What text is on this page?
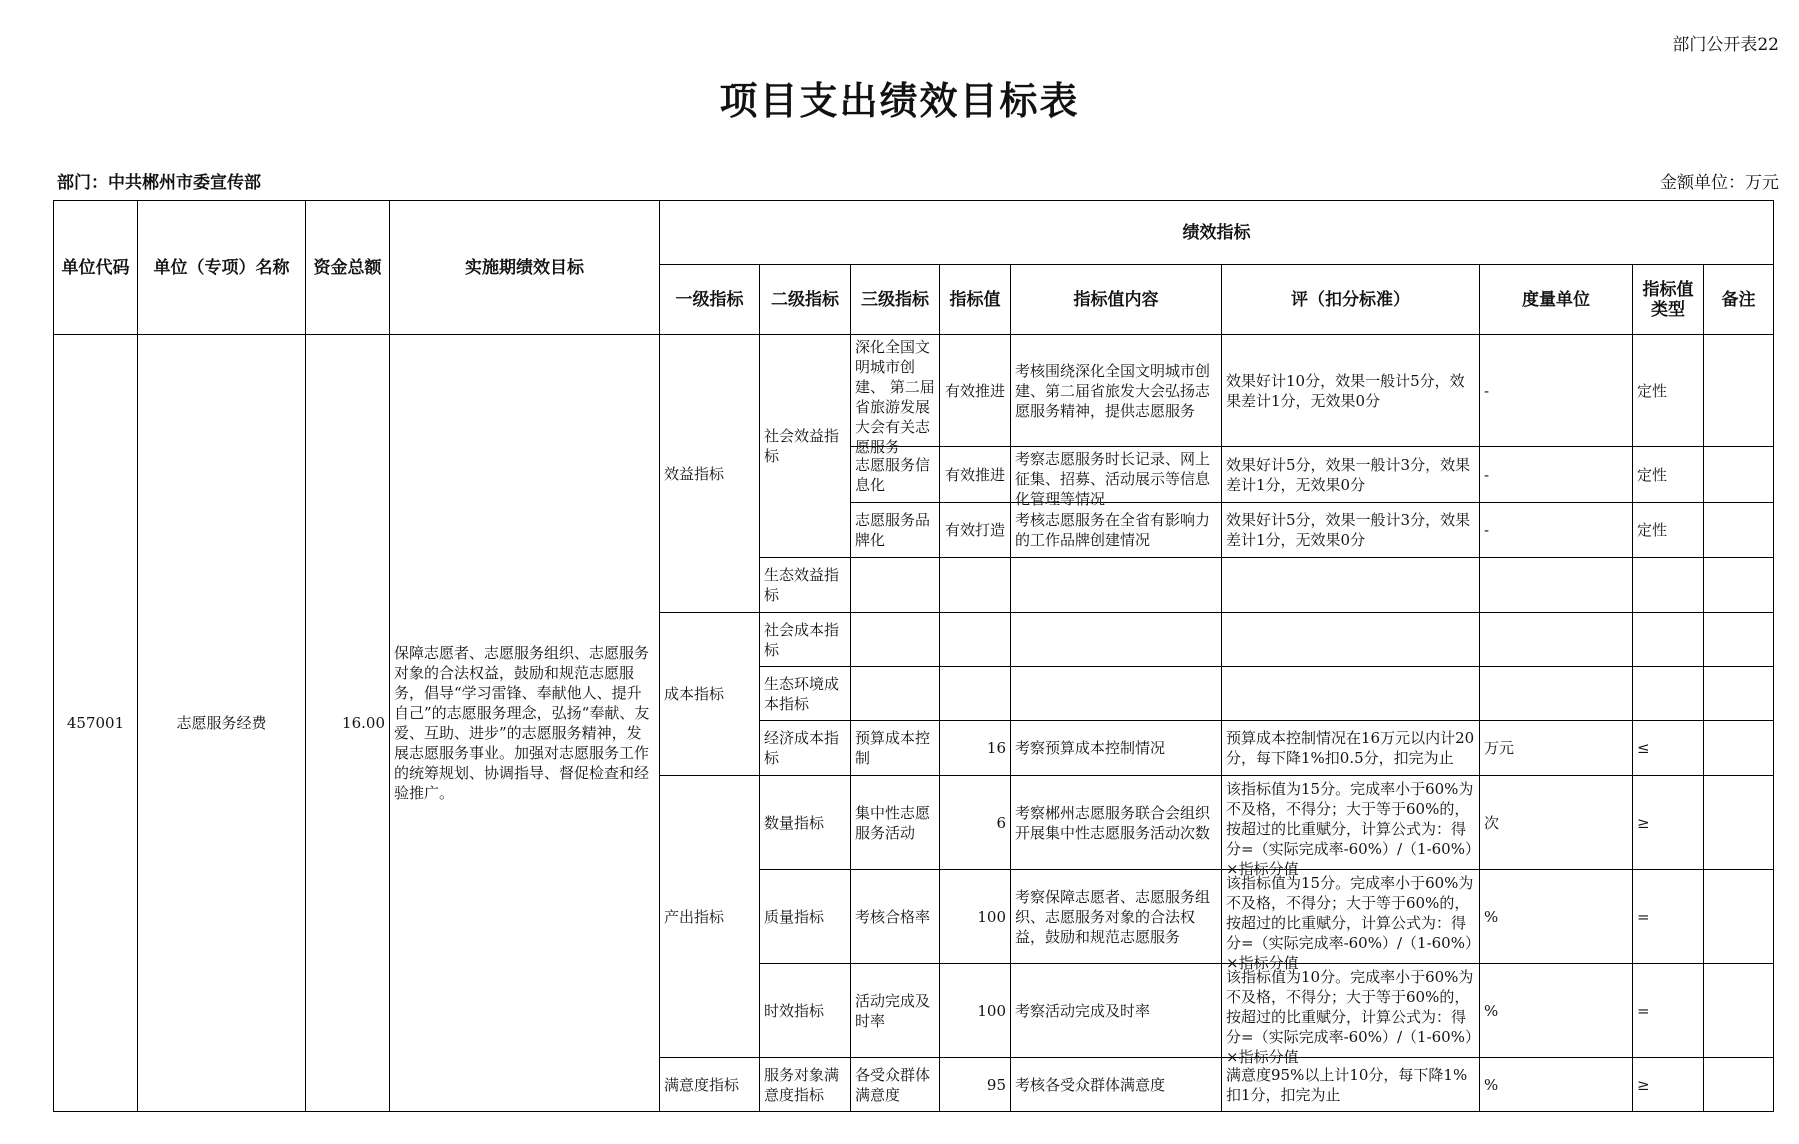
部门公开表22
项目支出绩效目标表
部门：中共郴州市委宣传部	金额单位：万元
单位代码	单位（专项）名称	资金总额	实施期绩效目标	绩效指标								
				一级指标	二级指标	三级指标	指标值	指标值内容	评（扣分标准）	度量单位	指标值类型	备注
457001	志愿服务经费	16.00	保障志愿者、志愿服务组织、志愿服务对象的合法权益，鼓励和规范志愿服务，倡导“学习雷锋、奉献他人、提升自己”的志愿服务理念，弘扬“奉献、友爱、互助、进步”的志愿服务精神，发展志愿服务事业。加强对志愿服务工作的统筹规划、协调指导、督促检查和经验推广。	效益指标	社会效益指标	深化全国文明城市创建、 第二届省旅游发展大会有关志愿服务	有效推进	考核围绕深化全国文明城市创建、第二届省旅发大会弘扬志愿服务精神，提供志愿服务	效果好计10分，效果一般计5分，效果差计1分，无效果0分	-	定性	
						志愿服务信息化	有效推进	考察志愿服务时长记录、网上征集、招募、活动展示等信息化管理等情况	效果好计5分，效果一般计3分，效果差计1分，无效果0分	-	定性	
						志愿服务品牌化	有效打造	考核志愿服务在全省有影响力的工作品牌创建情况	效果好计5分，效果一般计3分，效果差计1分，无效果0分	-	定性	
					生态效益指标							
				成本指标	社会成本指标							
					生态环境成本指标							
					经济成本指标	预算成本控制	16	考察预算成本控制情况	预算成本控制情况在16万元以内计20分，每下降1%扣0.5分，扣完为止	万元	≤	
				产出指标	数量指标	集中性志愿服务活动	6	考察郴州志愿服务联合会组织开展集中性志愿服务活动次数	该指标值为15分。完成率小于60%为不及格，不得分；大于等于60%的，按超过的比重赋分，计算公式为：得分=（实际完成率-60%）/（1-60%）×指标分值	次	≥	
					质量指标	考核合格率	100	考察保障志愿者、志愿服务组织、志愿服务对象的合法权益，鼓励和规范志愿服务	该指标值为15分。完成率小于60%为不及格，不得分；大于等于60%的，按超过的比重赋分，计算公式为：得分=（实际完成率-60%）/（1-60%）×指标分值	%	=	
					时效指标	活动完成及时率	100	考察活动完成及时率	该指标值为10分。完成率小于60%为不及格，不得分；大于等于60%的，按超过的比重赋分，计算公式为：得分=（实际完成率-60%）/（1-60%）×指标分值	%	=	
				满意度指标	服务对象满意度指标	各受众群体满意度	95	考核各受众群体满意度	满意度95%以上计10分，每下降1%扣1分，扣完为止	%	≥	
